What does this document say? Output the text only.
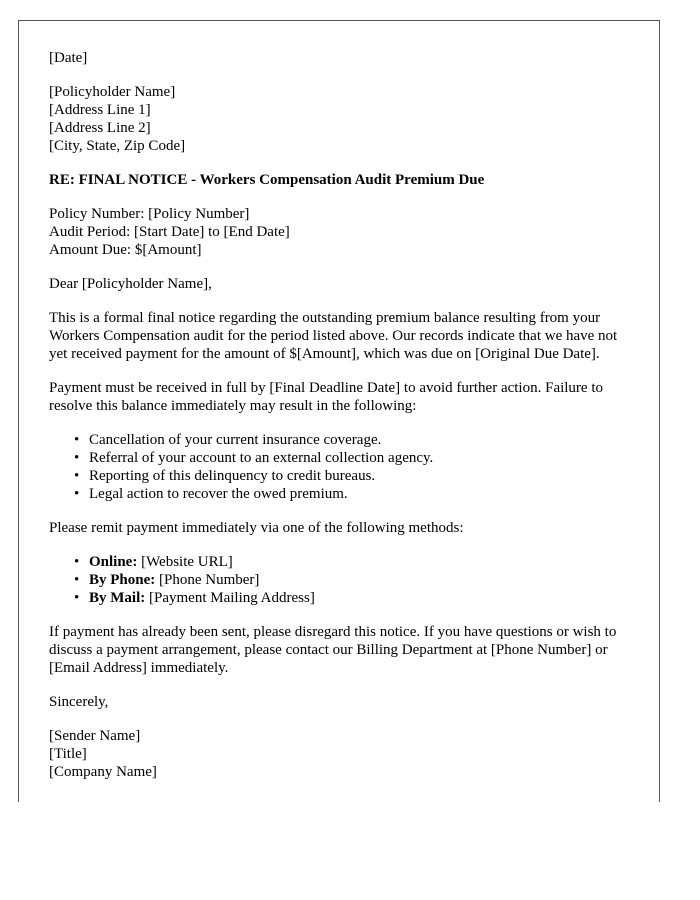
[Date]

[Policyholder Name]
[Address Line 1]
[Address Line 2]
[City, State, Zip Code]

RE: FINAL NOTICE - Workers Compensation Audit Premium Due

Policy Number: [Policy Number]
Audit Period: [Start Date] to [End Date]
Amount Due: $[Amount]

Dear [Policyholder Name],

This is a formal final notice regarding the outstanding premium balance resulting from your Workers Compensation audit for the period listed above. Our records indicate that we have not yet received payment for the amount of $[Amount], which was due on [Original Due Date].

Payment must be received in full by [Final Deadline Date] to avoid further action. Failure to resolve this balance immediately may result in the following:

• Cancellation of your current insurance coverage.
• Referral of your account to an external collection agency.
• Reporting of this delinquency to credit bureaus.
• Legal action to recover the owed premium.

Please remit payment immediately via one of the following methods:

• Online: [Website URL]
• By Phone: [Phone Number]
• By Mail: [Payment Mailing Address]

If payment has already been sent, please disregard this notice. If you have questions or wish to discuss a payment arrangement, please contact our Billing Department at [Phone Number] or [Email Address] immediately.

Sincerely,

[Sender Name]
[Title]
[Company Name]
